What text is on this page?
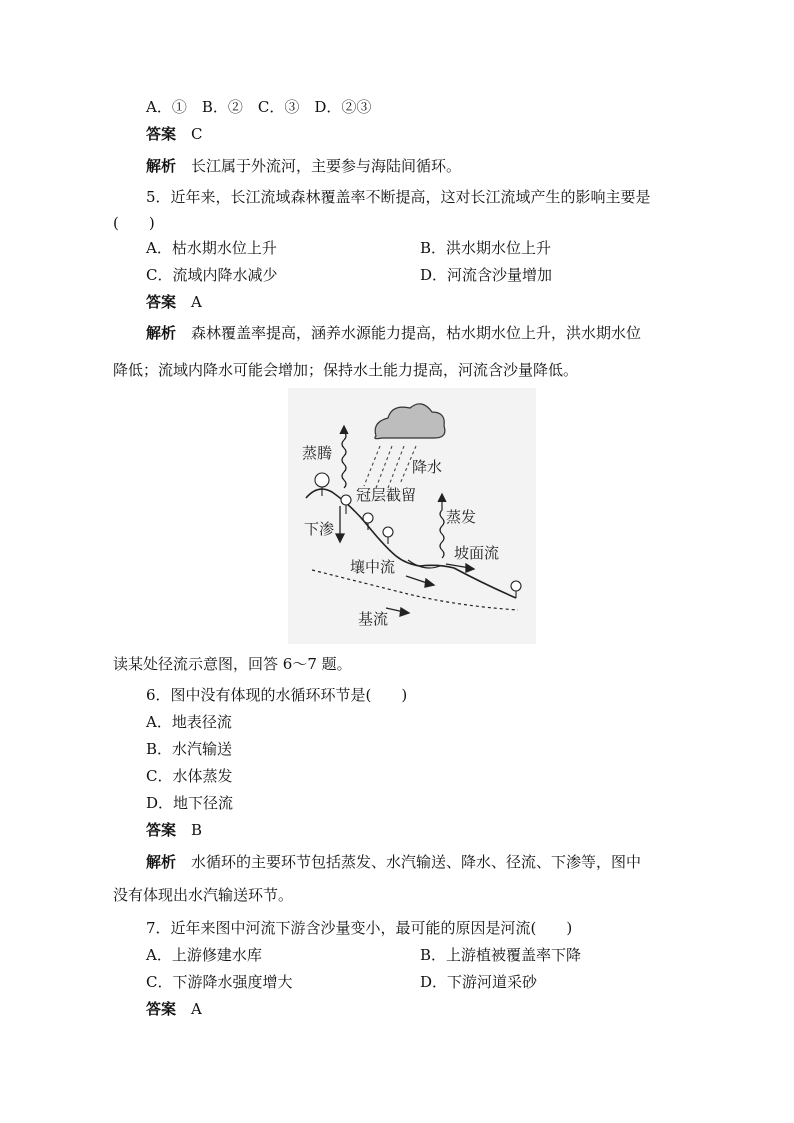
A．①　B．②　C．③　D．②③
答案　 C
解析　 长江属于外流河，主要参与海陆间循环。
5．近年来，长江流域森林覆盖率不断提高，这对长江流域产生的影响主要是
(　　)
A．枯水期水位上升	B．洪水期水位上升
C．流域内降水减少	D．河流含沙量增加
答案　 A
解析　 森林覆盖率提高，涵养水源能力提高，枯水期水位上升，洪水期水位
降低；流域内降水可能会增加；保持水土能力提高，河流含沙量降低。
蒸腾
降水
冠层截留
下渗
蒸发
坡面流
壤中流
基流
读某处径流示意图，回答 6～7 题。
6．图中没有体现的水循环环节是(　　)
A．地表径流
B．水汽输送
C．水体蒸发
D．地下径流
答案　 B
解析　 水循环的主要环节包括蒸发、水汽输送、降水、径流、下渗等，图中
没有体现出水汽输送环节。
7．近年来图中河流下游含沙量变小，最可能的原因是河流(　　)
A．上游修建水库	B．上游植被覆盖率下降
C．下游降水强度增大	D．下游河道采砂
答案　 A
